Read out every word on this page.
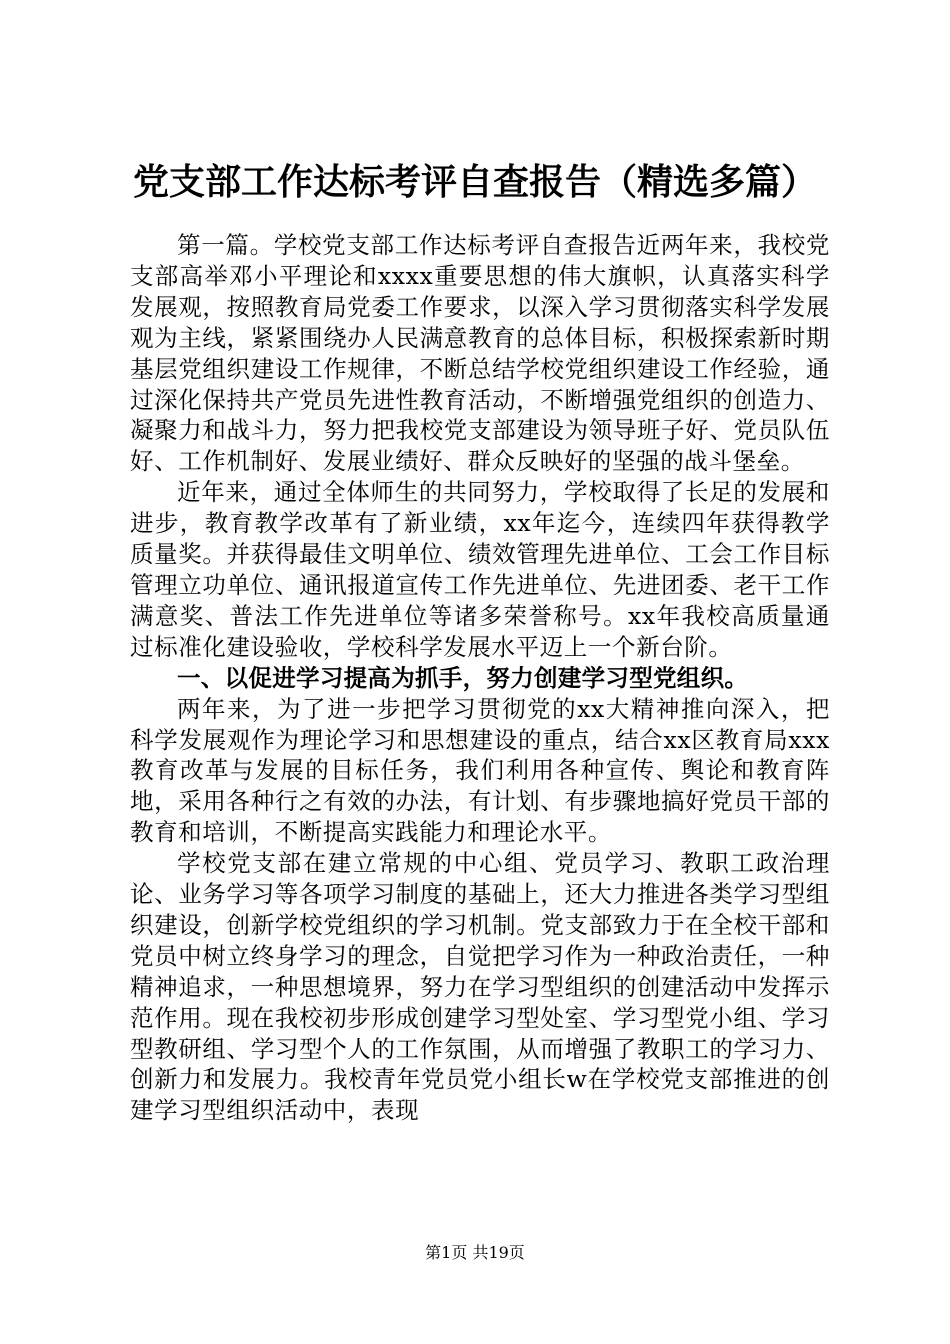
党支部工作达标考评自查报告（精选多篇）

第一篇。学校党支部工作达标考评自查报告近两年来，我校党支部高举邓小平理论和xxxx重要思想的伟大旗帜，认真落实科学发展观，按照教育局党委工作要求，以深入学习贯彻落实科学发展观为主线，紧紧围绕办人民满意教育的总体目标，积极探索新时期基层党组织建设工作规律，不断总结学校党组织建设工作经验，通过深化保持共产党员先进性教育活动，不断增强党组织的创造力、凝聚力和战斗力，努力把我校党支部建设为领导班子好、党员队伍好、工作机制好、发展业绩好、群众反映好的坚强的战斗堡垒。

近年来，通过全体师生的共同努力，学校取得了长足的发展和进步，教育教学改革有了新业绩，xx年迄今，连续四年获得教学质量奖。并获得最佳文明单位、绩效管理先进单位、工会工作目标管理立功单位、通讯报道宣传工作先进单位、先进团委、老干工作满意奖、普法工作先进单位等诸多荣誉称号。xx年我校高质量通过标准化建设验收，学校科学发展水平迈上一个新台阶。

一、以促进学习提高为抓手，努力创建学习型党组织。

两年来，为了进一步把学习贯彻党的xx大精神推向深入，把科学发展观作为理论学习和思想建设的重点，结合xx区教育局xxx教育改革与发展的目标任务，我们利用各种宣传、舆论和教育阵地，采用各种行之有效的办法，有计划、有步骤地搞好党员干部的教育和培训，不断提高实践能力和理论水平。

学校党支部在建立常规的中心组、党员学习、教职工政治理论、业务学习等各项学习制度的基础上，还大力推进各类学习型组织建设，创新学校党组织的学习机制。党支部致力于在全校干部和党员中树立终身学习的理念，自觉把学习作为一种政治责任，一种精神追求，一种思想境界，努力在学习型组织的创建活动中发挥示范作用。现在我校初步形成创建学习型处室、学习型党小组、学习型教研组、学习型个人的工作氛围，从而增强了教职工的学习力、创新力和发展力。我校青年党员党小组长w在学校党支部推进的创建学习型组织活动中，表现

第1页 共19页
